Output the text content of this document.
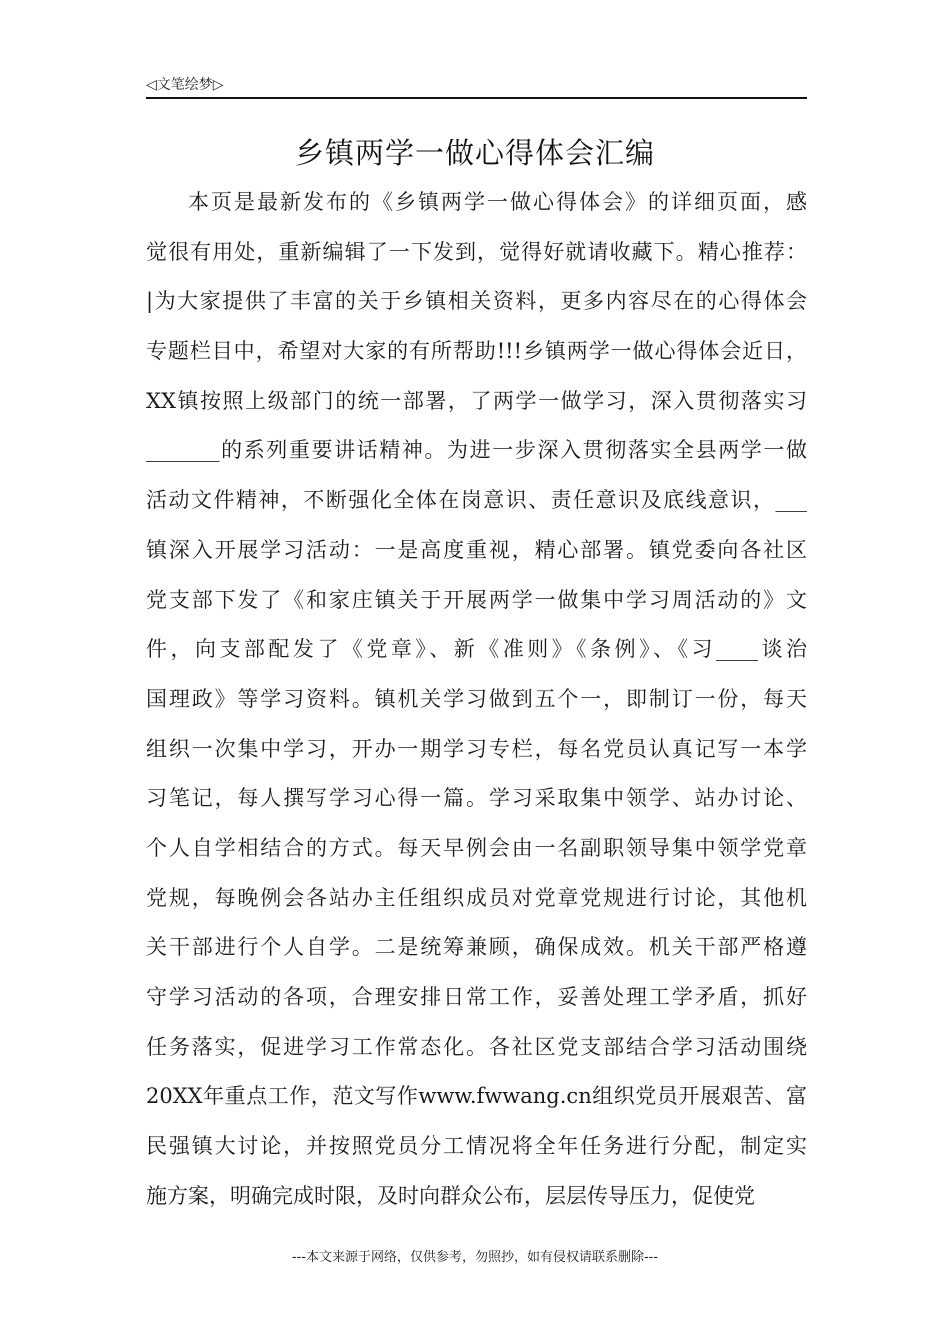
◁文笔绘梦▷
乡镇两学一做心得体会汇编
本页是最新发布的《乡镇两学一做心得体会》的详细页面，感
觉很有用处，重新编辑了一下发到，觉得好就请收藏下。精心推荐：
|为大家提供了丰富的关于乡镇相关资料，更多内容尽在的心得体会
专题栏目中，希望对大家的有所帮助!!!乡镇两学一做心得体会近日，
XX镇按照上级部门的统一部署，了两学一做学习，深入贯彻落实习
_______的系列重要讲话精神。为进一步深入贯彻落实全县两学一做
活动文件精神，不断强化全体在岗意识、责任意识及底线意识，___
镇深入开展学习活动：一是高度重视，精心部署。镇党委向各社区
党支部下发了《和家庄镇关于开展两学一做集中学习周活动的》文
件，向支部配发了《党章》、新《准则》《条例》、《习____谈治
国理政》等学习资料。镇机关学习做到五个一，即制订一份，每天
组织一次集中学习，开办一期学习专栏，每名党员认真记写一本学
习笔记，每人撰写学习心得一篇。学习采取集中领学、站办讨论、
个人自学相结合的方式。每天早例会由一名副职领导集中领学党章
党规，每晚例会各站办主任组织成员对党章党规进行讨论，其他机
关干部进行个人自学。二是统筹兼顾，确保成效。机关干部严格遵
守学习活动的各项，合理安排日常工作，妥善处理工学矛盾，抓好
任务落实，促进学习工作常态化。各社区党支部结合学习活动围绕
20XX年重点工作，范文写作www.fwwang.cn组织党员开展艰苦、富
民强镇大讨论，并按照党员分工情况将全年任务进行分配，制定实
施方案，明确完成时限，及时向群众公布，层层传导压力，促使党
---本文来源于网络，仅供参考，勿照抄，如有侵权请联系删除---
